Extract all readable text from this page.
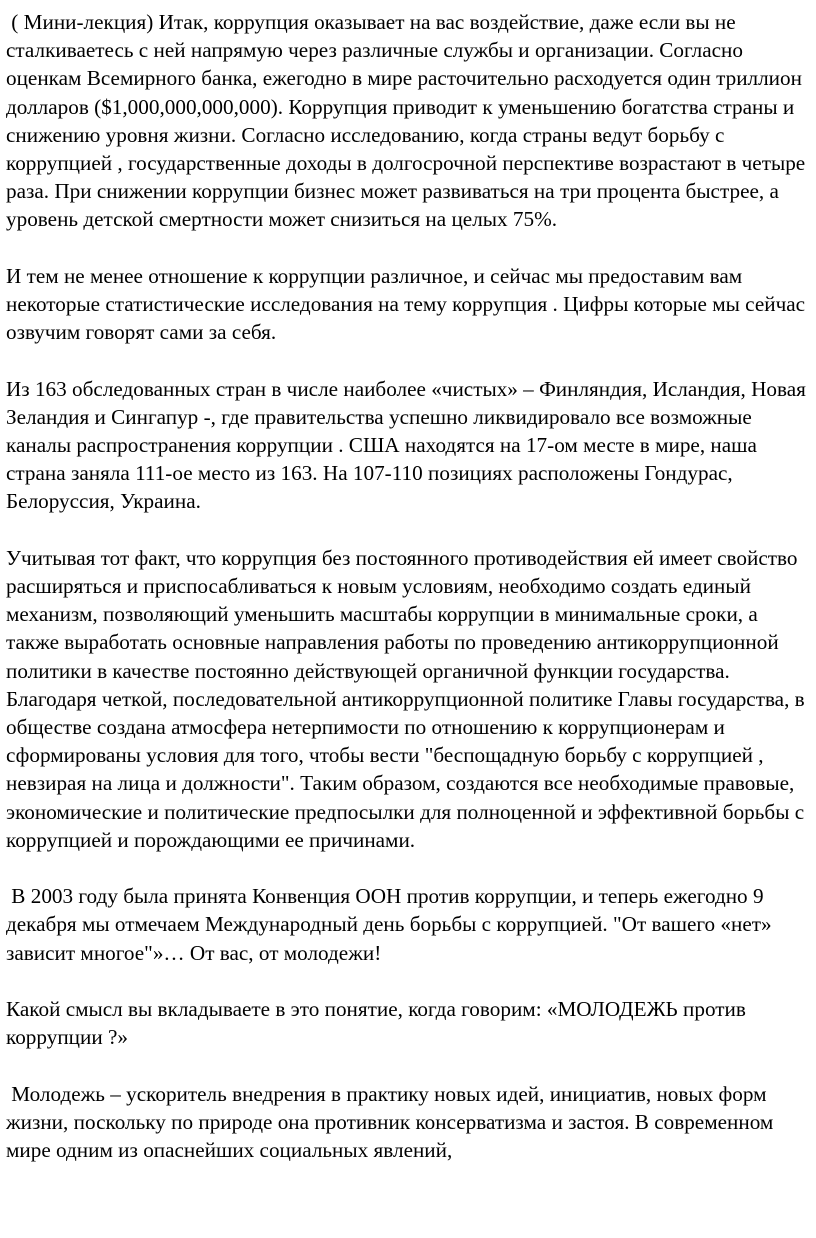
( Мини-лекция) Итак, коррупция оказывает на вас воздействие, даже если вы не сталкиваетесь с ней напрямую через различные службы и организации. Согласно оценкам Всемирного банка, ежегодно в мире расточительно расходуется один триллион долларов ($1,000,000,000,000). Коррупция приводит к уменьшению богатства страны и снижению уровня жизни. Согласно исследованию, когда страны ведут борьбу с коррупцией , государственные доходы в долгосрочной перспективе возрастают в четыре раза. При снижении коррупции бизнес может развиваться на три процента быстрее, а уровень детской смертности может снизиться на целых 75%.

И тем не менее отношение к коррупции различное, и сейчас мы предоставим вам некоторые статистические исследования на тему коррупция . Цифры которые мы сейчас озвучим говорят сами за себя.

Из 163 обследованных стран в числе наиболее «чистых» – Финляндия, Исландия, Новая Зеландия и Сингапур -, где правительства успешно ликвидировало все возможные каналы распространения коррупции . США находятся на 17-ом месте в мире, наша страна заняла 111-ое место из 163. На 107-110 позициях расположены Гондурас, Белоруссия, Украина.

Учитывая тот факт, что коррупция без постоянного противодействия ей имеет свойство расширяться и приспосабливаться к новым условиям, необходимо создать единый механизм, позволяющий уменьшить масштабы коррупции в минимальные сроки, а также выработать основные направления работы по проведению антикоррупционной политики в качестве постоянно действующей органичной функции государства. Благодаря четкой, последовательной антикоррупционной политике Главы государства, в обществе создана атмосфера нетерпимости по отношению к коррупционерам и сформированы условия для того, чтобы вести "беспощадную борьбу с коррупцией , невзирая на лица и должности". Таким образом, создаются все необходимые правовые, экономические и политические предпосылки для полноценной и эффективной борьбы с коррупцией и порождающими ее причинами.

В 2003 году была принята Конвенция ООН против коррупции, и теперь ежегодно 9 декабря мы отмечаем Международный день борьбы с коррупцией. "От вашего «нет» зависит многое"»… От вас, от молодежи!

Какой смысл вы вкладываете в это понятие, когда говорим: «МОЛОДЕЖЬ против коррупции ?»

Молодежь – ускоритель внедрения в практику новых идей, инициатив, новых форм жизни, поскольку по природе она противник консерватизма и застоя. В современном мире одним из опаснейших социальных явлений,
